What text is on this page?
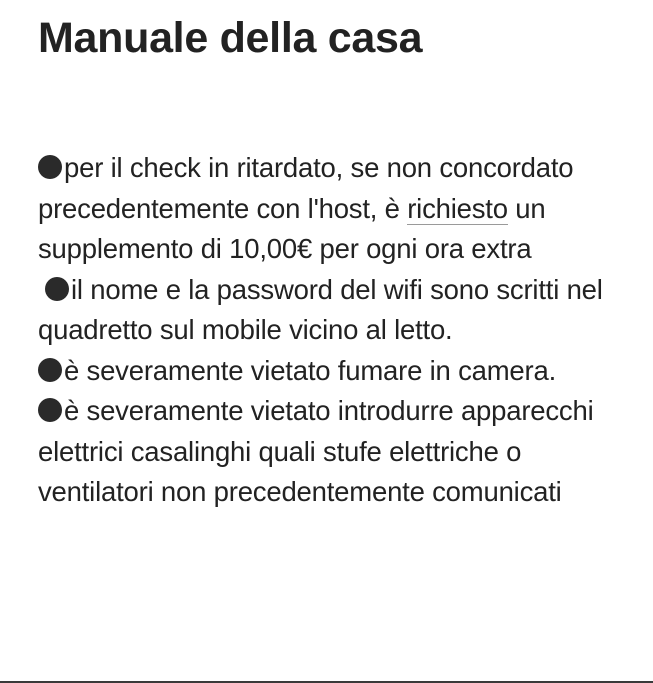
Manuale della casa
per il check in ritardato, se non concordato precedentemente con l'host, è richiesto un supplemento di 10,00€ per ogni ora extra
il nome e la password del wifi sono scritti nel quadretto sul mobile vicino al letto.
è severamente vietato fumare in camera.
è severamente vietato introdurre apparecchi elettrici casalinghi quali stufe elettriche o ventilatori non precedentemente comunicati
